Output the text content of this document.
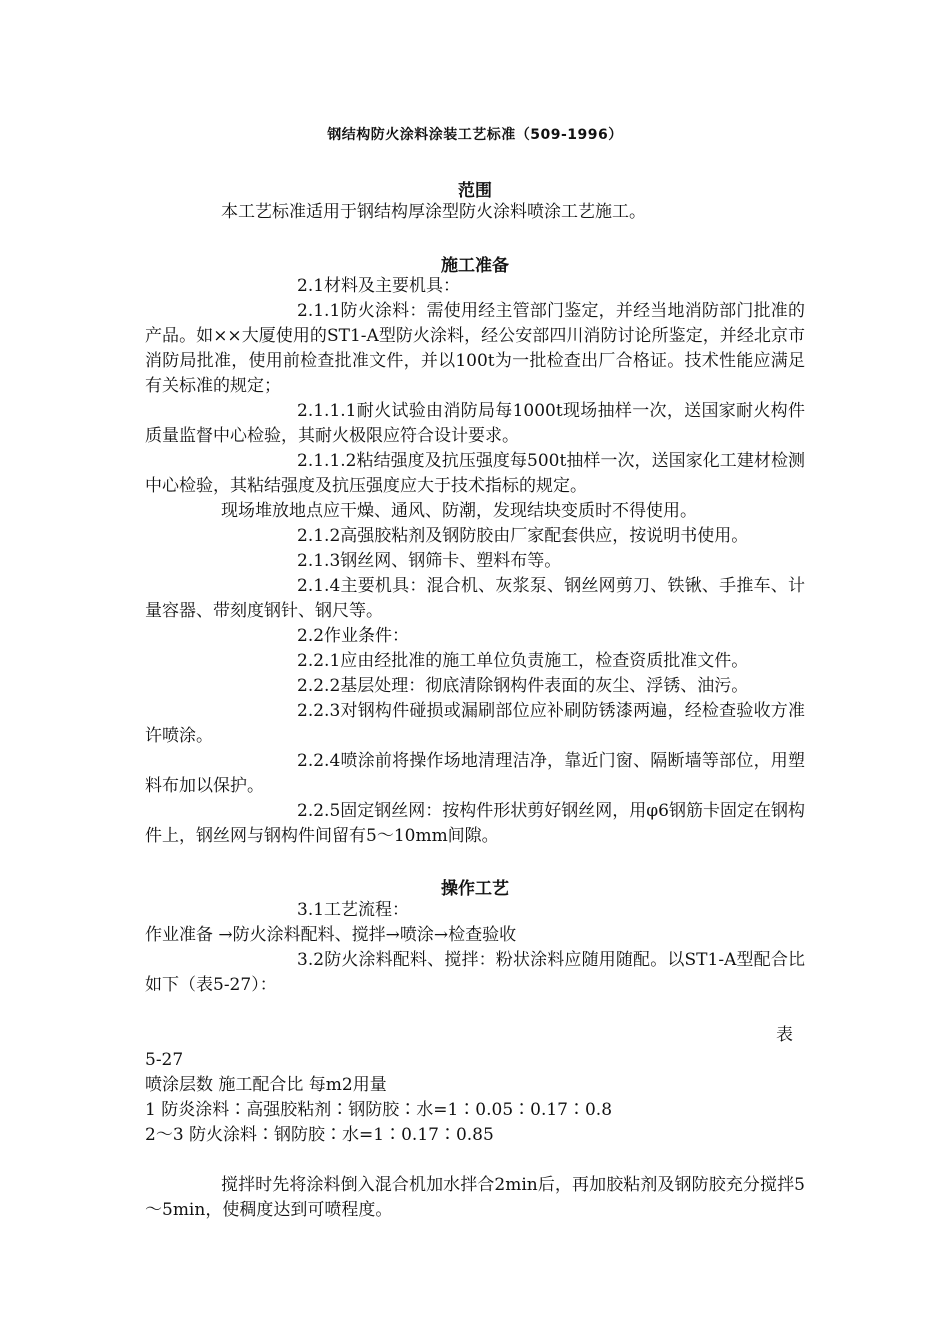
钢结构防火涂料涂装工艺标准（509-1996）
范围

本工艺标准适用于钢结构厚涂型防火涂料喷涂工艺施工。

施工准备

2.1材料及主要机具：

2.1.1防火涂料：需使用经主管部门鉴定，并经当地消防部门批准的产品。如××大厦使用的ST1-A型防火涂料，经公安部四川消防讨论所鉴定，并经北京市消防局批准，使用前检查批准文件，并以100t为一批检查出厂合格证。技术性能应满足有关标准的规定；

2.1.1.1耐火试验由消防局每1000t现场抽样一次，送国家耐火构件质量监督中心检验，其耐火极限应符合设计要求。

2.1.1.2粘结强度及抗压强度每500t抽样一次，送国家化工建材检测中心检验，其粘结强度及抗压强度应大于技术指标的规定。

现场堆放地点应干燥、通风、防潮，发现结块变质时不得使用。

2.1.2高强胶粘剂及钢防胶由厂家配套供应，按说明书使用。

2.1.3钢丝网、钢筛卡、塑料布等。

2.1.4主要机具：混合机、灰浆泵、钢丝网剪刀、铁锹、手推车、计量容器、带刻度钢针、钢尺等。

2.2作业条件：

2.2.1应由经批准的施工单位负责施工，检查资质批准文件。

2.2.2基层处理：彻底清除钢构件表面的灰尘、浮锈、油污。

2.2.3对钢构件碰损或漏刷部位应补刷防锈漆两遍，经检查验收方准许喷涂。

2.2.4喷涂前将操作场地清理洁净，靠近门窗、隔断墙等部位，用塑料布加以保护。

2.2.5固定钢丝网：按构件形状剪好钢丝网，用φ6钢筋卡固定在钢构件上，钢丝网与钢构件间留有5～10mm间隙。

操作工艺

3.1工艺流程：

作业准备 →防火涂料配料、搅拌→喷涂→检查验收

3.2防火涂料配料、搅拌：粉状涂料应随用随配。以ST1-A型配合比如下（表5-27）：

表

5-27

喷涂层数 施工配合比 每m2用量

1 防炎涂料∶高强胶粘剂∶钢防胶∶水=1∶0.05∶0.17∶0.8

2～3 防火涂料∶钢防胶∶水=1∶0.17∶0.85

搅拌时先将涂料倒入混合机加水拌合2min后，再加胶粘剂及钢防胶充分搅拌5～5min，使稠度达到可喷程度。
